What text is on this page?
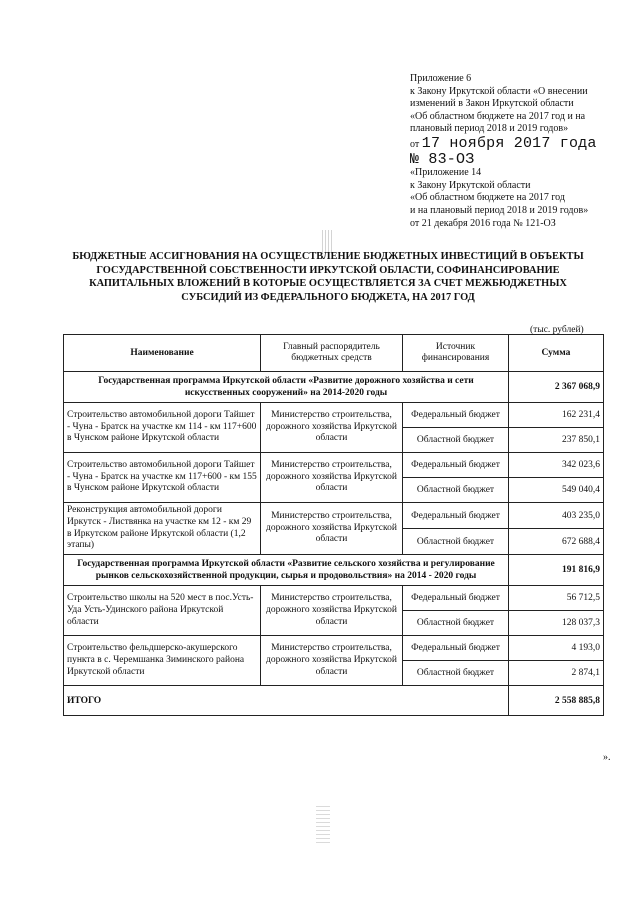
Приложение 6
к Закону Иркутской области «О внесении
изменений в Закон Иркутской области
«Об областном бюджете на 2017 год и на
плановый период 2018 и 2019 годов»
от 17 ноября 2017 года
№ 83-ОЗ
«Приложение 14
к Закону Иркутской области
«Об областном бюджете на 2017 год
и на плановый период 2018 и 2019 годов»
от 21 декабря 2016 года № 121-ОЗ
БЮДЖЕТНЫЕ АССИГНОВАНИЯ НА ОСУЩЕСТВЛЕНИЕ БЮДЖЕТНЫХ ИНВЕСТИЦИЙ В ОБЪЕКТЫ
ГОСУДАРСТВЕННОЙ СОБСТВЕННОСТИ ИРКУТСКОЙ ОБЛАСТИ, СОФИНАНСИРОВАНИЕ
КАПИТАЛЬНЫХ ВЛОЖЕНИЙ В КОТОРЫЕ ОСУЩЕСТВЛЯЕТСЯ ЗА СЧЕТ МЕЖБЮДЖЕТНЫХ
СУБСИДИЙ ИЗ ФЕДЕРАЛЬНОГО БЮДЖЕТА, НА 2017 ГОД
(тыс. рублей)
Наименование	Главный распорядитель бюджетных средств	Источник финансирования	Сумма
Государственная программа Иркутской области «Развитие дорожного хозяйства и сети искусственных сооружений» на 2014-2020 годы			2 367 068,9
Строительство автомобильной дороги Тайшет - Чуна - Братск на участке км 114 - км 117+600 в Чунском районе Иркутской области	Министерство строительства, дорожного хозяйства Иркутской области	Федеральный бюджет	162 231,4
		Областной бюджет	237 850,1
Строительство автомобильной дороги Тайшет - Чуна - Братск на участке км 117+600 - км 155 в Чунском районе Иркутской области	Министерство строительства, дорожного хозяйства Иркутской области	Федеральный бюджет	342 023,6
		Областной бюджет	549 040,4
Реконструкция автомобильной дороги Иркутск - Листвянка на участке км 12 - км 29 в Иркутском районе Иркутской области (1,2 этапы)	Министерство строительства, дорожного хозяйства Иркутской области	Федеральный бюджет	403 235,0
		Областной бюджет	672 688,4
Государственная программа Иркутской области «Развитие сельского хозяйства и регулирование рынков сельскохозяйственной продукции, сырья и продовольствия» на 2014 - 2020 годы			191 816,9
Строительство школы на 520 мест в пос.Усть-Уда Усть-Удинского района Иркутской области	Министерство строительства, дорожного хозяйства Иркутской области	Федеральный бюджет	56 712,5
		Областной бюджет	128 037,3
Строительство фельдшерско-акушерского пункта в с. Черемшанка Зиминского района Иркутской области	Министерство строительства, дорожного хозяйства Иркутской области	Федеральный бюджет	4 193,0
		Областной бюджет	2 874,1
ИТОГО			2 558 885,8
».
